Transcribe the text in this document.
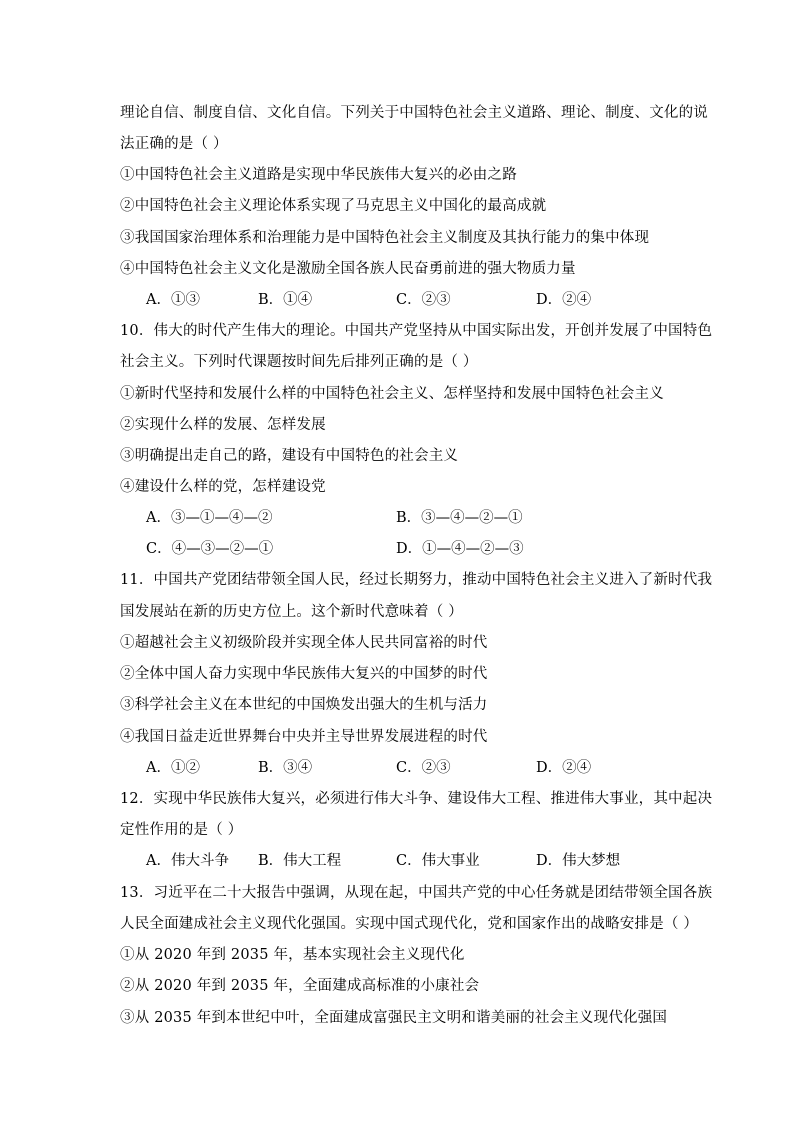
理论自信、制度自信、文化自信。下列关于中国特色社会主义道路、理论、制度、文化的说
法正确的是（ ）
①中国特色社会主义道路是实现中华民族伟大复兴的必由之路
②中国特色社会主义理论体系实现了马克思主义中国化的最高成就
③我国国家治理体系和治理能力是中国特色社会主义制度及其执行能力的集中体现
④中国特色社会主义文化是激励全国各族人民奋勇前进的强大物质力量
A．①③	B．①④	C．②③	D．②④
10．伟大的时代产生伟大的理论。中国共产党坚持从中国实际出发，开创并发展了中国特色
社会主义。下列时代课题按时间先后排列正确的是（ ）
①新时代坚持和发展什么样的中国特色社会主义、怎样坚持和发展中国特色社会主义
②实现什么样的发展、怎样发展
③明确提出走自己的路，建设有中国特色的社会主义
④建设什么样的党，怎样建设党
A．③—①—④—②	B．③—④—②—①
C．④—③—②—①	D．①—④—②—③
11．中国共产党团结带领全国人民，经过长期努力，推动中国特色社会主义进入了新时代我
国发展站在新的历史方位上。这个新时代意味着（ ）
①超越社会主义初级阶段并实现全体人民共同富裕的时代
②全体中国人奋力实现中华民族伟大复兴的中国梦的时代
③科学社会主义在本世纪的中国焕发出强大的生机与活力
④我国日益走近世界舞台中央并主导世界发展进程的时代
A．①②	B．③④	C．②③	D．②④
12．实现中华民族伟大复兴，必须进行伟大斗争、建设伟大工程、推进伟大事业，其中起决
定性作用的是（ ）
A．伟大斗争 B．伟大工程	C．伟大事业	D．伟大梦想
13．习近平在二十大报告中强调，从现在起，中国共产党的中心任务就是团结带领全国各族
人民全面建成社会主义现代化强国。实现中国式现代化，党和国家作出的战略安排是（ ）
①从 2020 年到 2035 年，基本实现社会主义现代化
②从 2020 年到 2035 年，全面建成高标准的小康社会
③从 2035 年到本世纪中叶，全面建成富强民主文明和谐美丽的社会主义现代化强国
